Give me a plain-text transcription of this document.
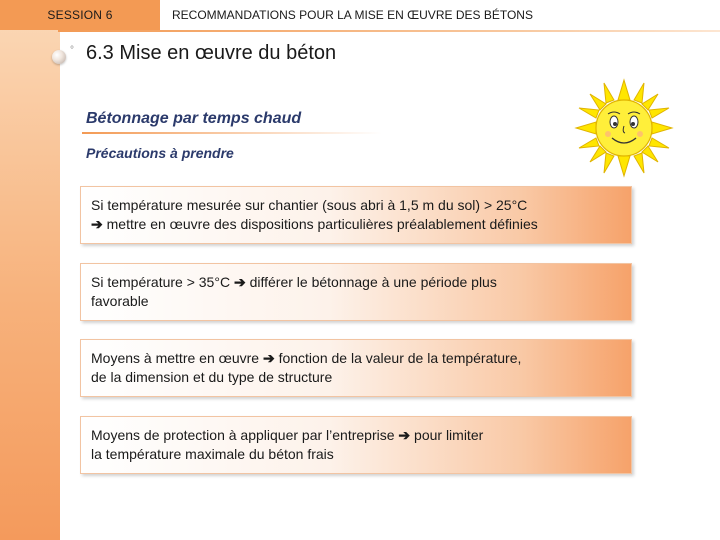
SESSION 6	RECOMMANDATIONS POUR LA MISE EN ŒUVRE DES BÉTONS
° 6.3 Mise en œuvre du béton
Bétonnage par temps chaud
Précautions à prendre
Si température mesurée sur chantier (sous abri à 1,5 m du sol) > 25°C
➔ mettre en œuvre des dispositions particulières préalablement définies
Si température > 35°C ➔ différer le bétonnage à une période plus
favorable
Moyens à mettre en œuvre ➔ fonction de la valeur de la température,
de la dimension et du type de structure
Moyens de protection à appliquer par l’entreprise ➔ pour limiter
la température maximale du béton frais
